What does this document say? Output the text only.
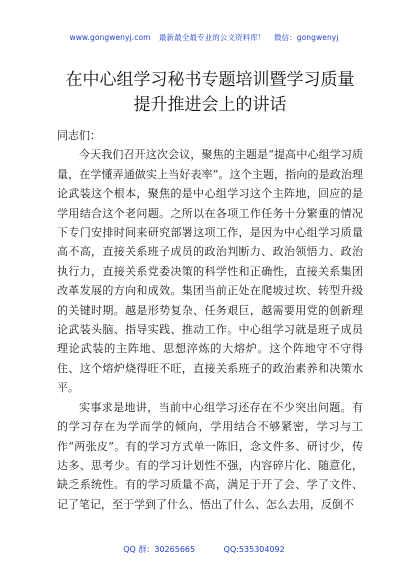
www.gongwenyj.com 最新最全最专业的公文资料库！ 微信：gongwenyj
在中心组学习秘书专题培训暨学习质量提升推进会上的讲话

同志们：

今天我们召开这次会议，聚焦的主题是“提高中心组学习质量，在学懂弄通做实上当好表率”。这个主题，指向的是政治理论武装这个根本，聚焦的是中心组学习这个主阵地，回应的是学用结合这个老问题。之所以在各项工作任务十分繁重的情况下专门安排时间来研究部署这项工作，是因为中心组学习质量高不高，直接关系班子成员的政治判断力、政治领悟力、政治执行力，直接关系党委决策的科学性和正确性，直接关系集团改革发展的方向和成效。集团当前正处在爬坡过坎、转型升级的关键时期。越是形势复杂、任务艰巨，越需要用党的创新理论武装头脑、指导实践、推动工作。中心组学习就是班子成员理论武装的主阵地、思想淬炼的大熔炉。这个阵地守不守得住、这个熔炉烧得旺不旺，直接关系班子的政治素养和决策水平。

实事求是地讲，当前中心组学习还存在不少突出问题。有的学习存在为学而学的倾向，学用结合不够紧密，学习与工作“两张皮”。有的学习方式单一陈旧，念文件多、研讨少，传达多、思考少。有的学习计划性不强，内容碎片化、随意化，缺乏系统性。有的学习质量不高，满足于开了会、学了文件、记了笔记，至于学到了什么、悟出了什么、怎么去用，反倒不

QQ 群：30265665	QQ:535304092
